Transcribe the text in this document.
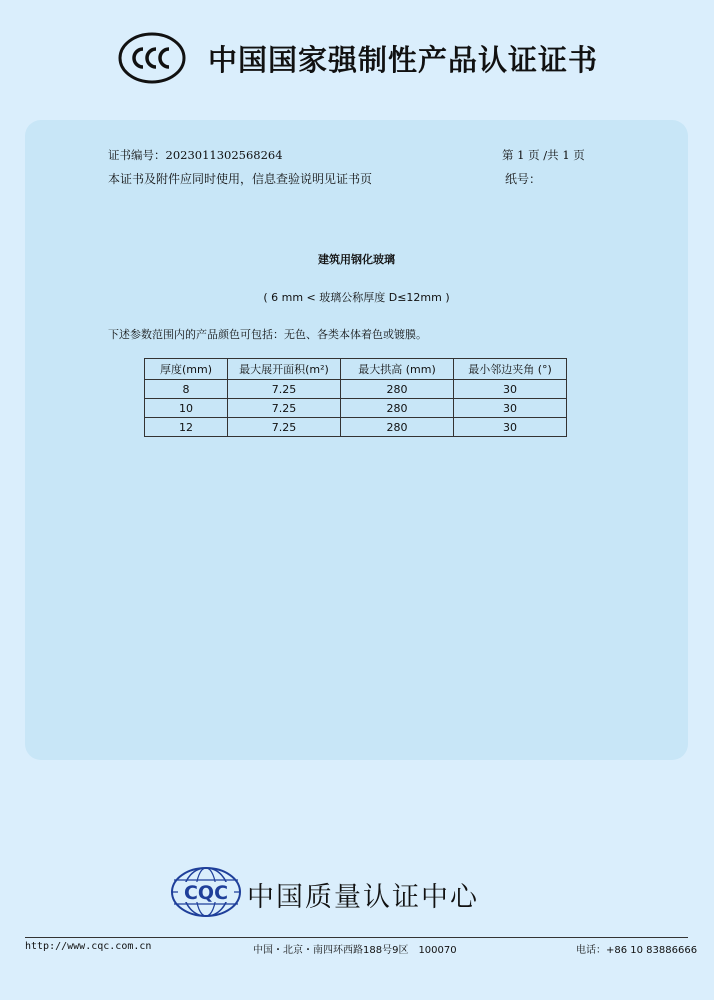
中国国家强制性产品认证证书
证书编号：2023011302568264	第 1 页 /共 1 页
本证书及附件应同时使用，信息查验说明见证书页	纸号：
建筑用钢化玻璃
( 6 mm < 玻璃公称厚度 D≤12mm )
下述参数范围内的产品颜色可包括：无色、各类本体着色或镀膜。
厚度(mm)	最大展开面积(m²)	最大拱高 (mm)	最小邻边夹角 (°)
8	7.25	280	30
10	7.25	280	30
12	7.25	280	30
CQC 中国质量认证中心
http://www.cqc.com.cn	中国・北京・南四环西路188号9区　100070	电话：+86 10 83886666
